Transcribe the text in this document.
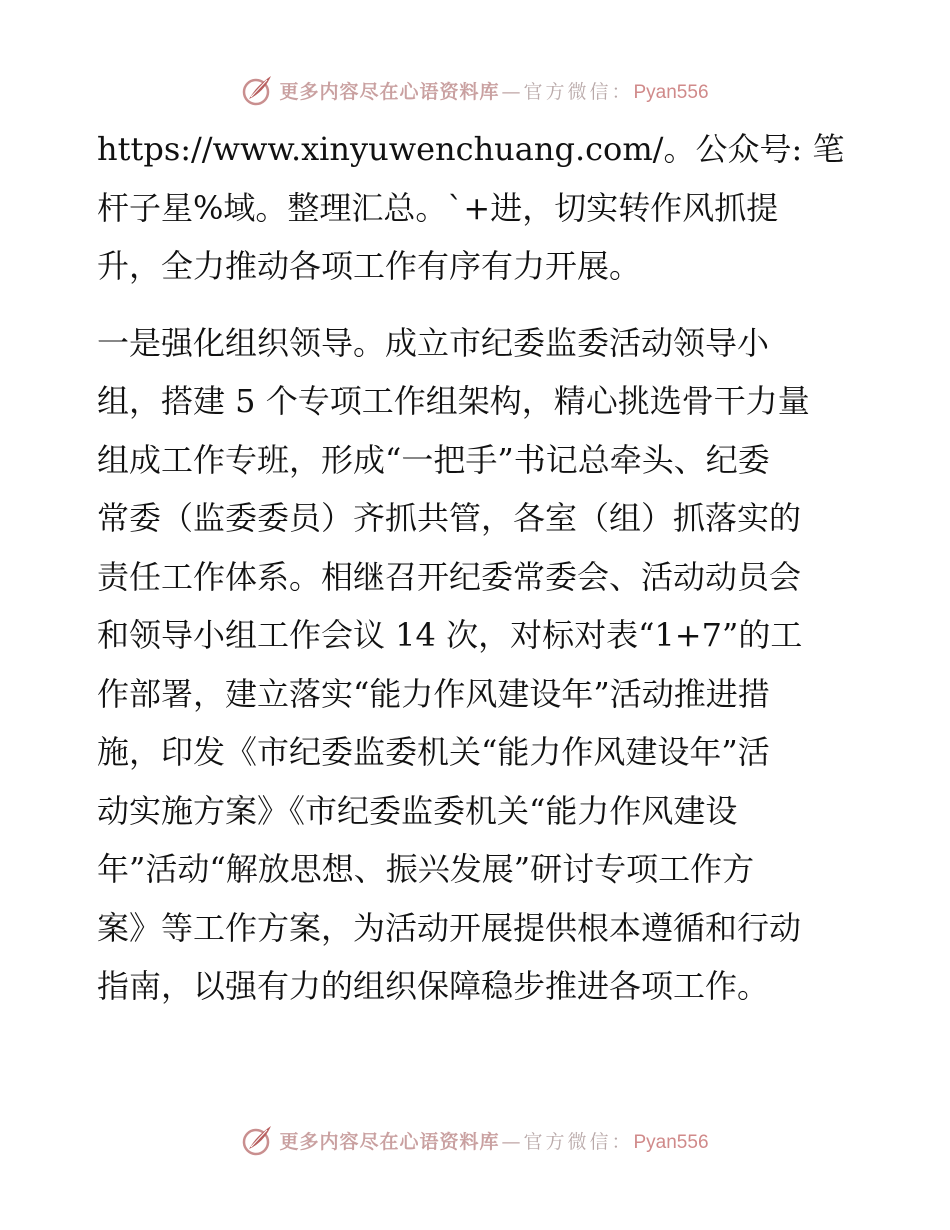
更多内容尽在心语资料库 — 官方微信：Pyan556
https://www.xinyuwenchuang.com/。公众号: 笔
杆子星%域。整理汇总。`+进，切实转作风抓提
升，全力推动各项工作有序有力开展。
一是强化组织领导。成立市纪委监委活动领导小
组，搭建 5 个专项工作组架构，精心挑选骨干力量
组成工作专班，形成“一把手”书记总牵头、纪委
常委（监委委员）齐抓共管，各室（组）抓落实的
责任工作体系。相继召开纪委常委会、活动动员会
和领导小组工作会议 14 次，对标对表“1+7”的工
作部署，建立落实“能力作风建设年”活动推进措
施，印发《市纪委监委机关“能力作风建设年”活
动实施方案》《市纪委监委机关“能力作风建设
年”活动“解放思想、振兴发展”研讨专项工作方
案》等工作方案，为活动开展提供根本遵循和行动
指南，以强有力的组织保障稳步推进各项工作。
更多内容尽在心语资料库 — 官方微信：Pyan556
